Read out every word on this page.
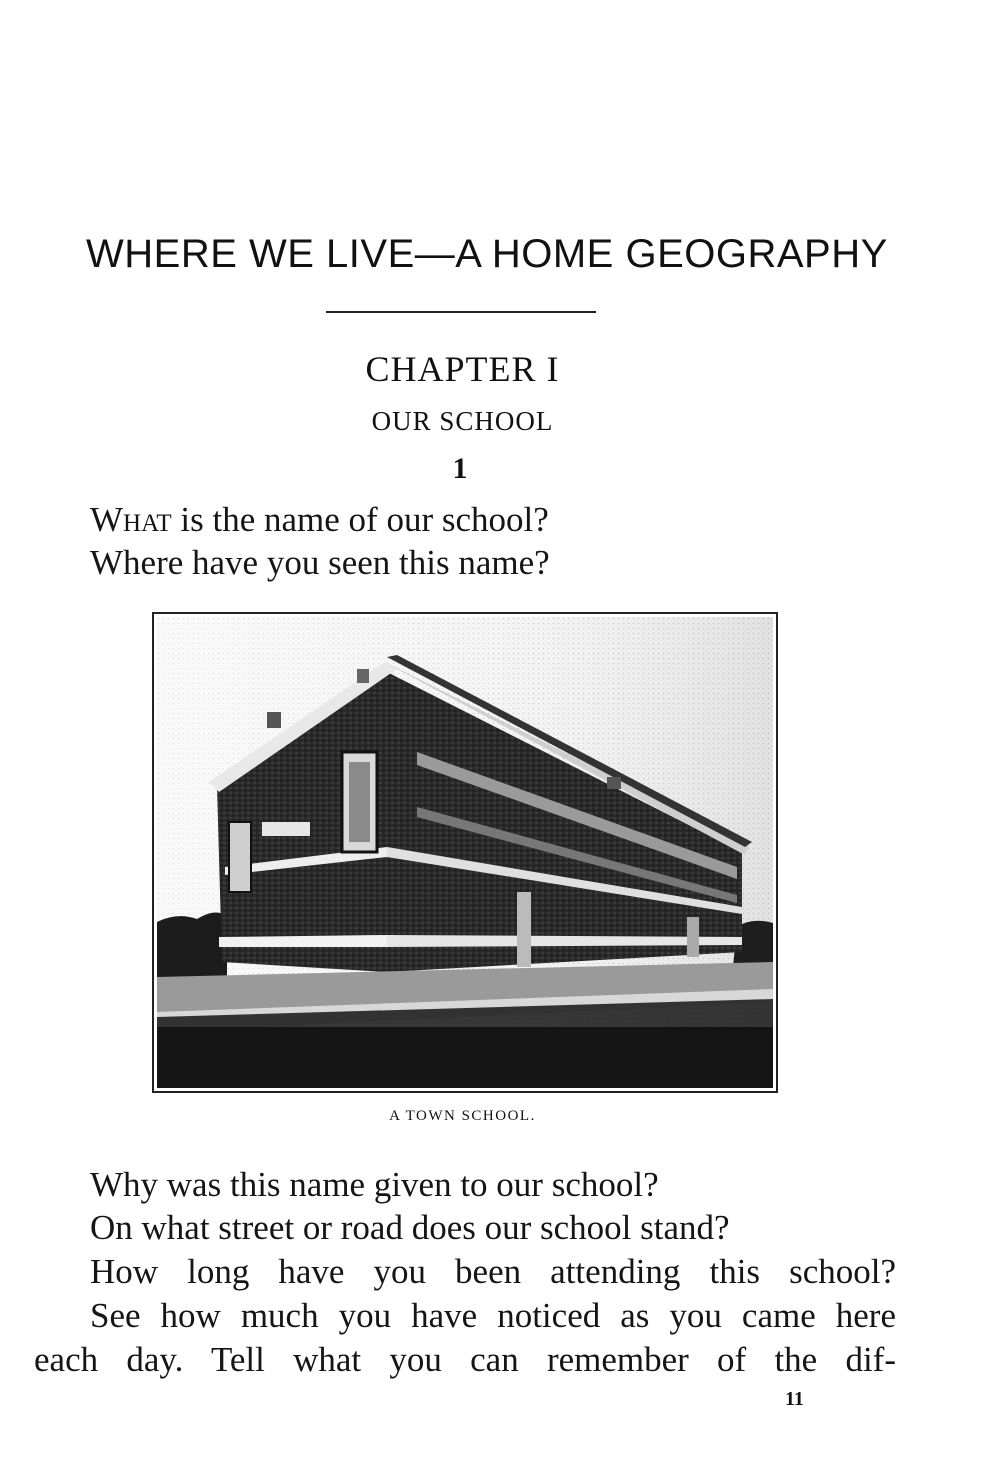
WHERE WE LIVE—A HOME GEOGRAPHY
CHAPTER I
OUR SCHOOL
1
What is the name of our school?
Where have you seen this name?
A TOWN SCHOOL.
Why was this name given to our school?
On what street or road does our school stand?
How long have you been attending this school?
See how much you have noticed as you came here
each day. Tell what you can remember of the dif-
11
